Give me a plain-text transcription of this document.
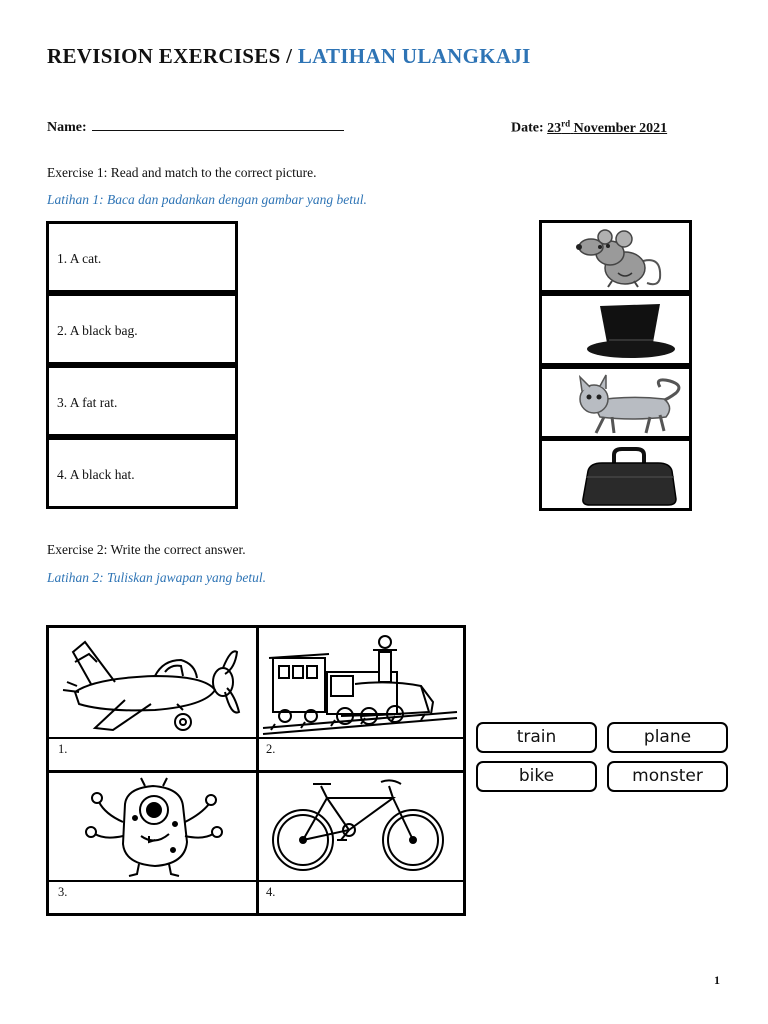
REVISION EXERCISES / LATIHAN ULANGKAJI
Name:	Date: 23rd November 2021
Exercise 1: Read and match to the correct picture.
Latihan 1: Baca dan padankan dengan gambar yang betul.
1. A cat.
2. A black bag.
3. A fat rat.
4. A black hat.
Exercise 2: Write the correct answer.
Latihan 2: Tuliskan jawapan yang betul.
1.	2.
3.	4.
train	plane
bike	monster
1
